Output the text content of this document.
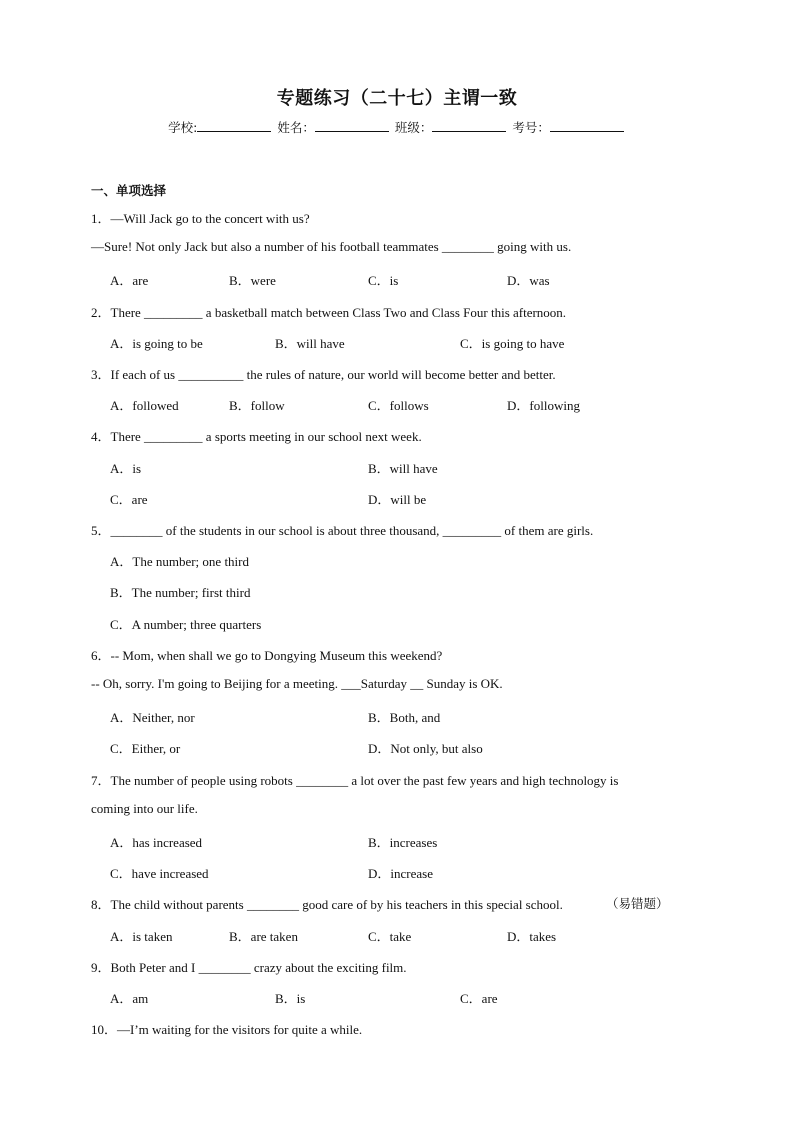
专题练习（二十七）主谓一致
学校:	姓名：	班级：	考号：
一、单项选择
1．—Will Jack go to the concert with us?
—Sure! Not only Jack but also a number of his football teammates ________ going with us.
A．are	B．were	C．is	D．was
2．There _________ a basketball match between Class Two and Class Four this afternoon.
A．is going to be	B．will have	C．is going to have
3．If each of us __________ the rules of nature, our world will become better and better.
A．followed	B．follow	C．follows	D．following
4．There _________ a sports meeting in our school next week.
A．is	B．will have
C．are	D．will be
5．________ of the students in our school is about three thousand, _________ of them are girls.
A．The number; one third
B．The number; first third
C．A number; three quarters
6．-- Mom, when shall we go to Dongying Museum this weekend?
-- Oh, sorry. I'm going to Beijing for a meeting. ___Saturday __ Sunday is OK.
A．Neither, nor	B．Both, and
C．Either, or	D．Not only, but also
7．The number of people using robots ________ a lot over the past few years and high technology is
coming into our life.
A．has increased	B．increases
C．have increased	D．increase
8．The child without parents ________ good care of by his teachers in this special school.	（易错题）
A．is taken	B．are taken	C．take	D．takes
9．Both Peter and I ________ crazy about the exciting film.
A．am	B．is	C．are
10．—I’m waiting for the visitors for quite a while.
